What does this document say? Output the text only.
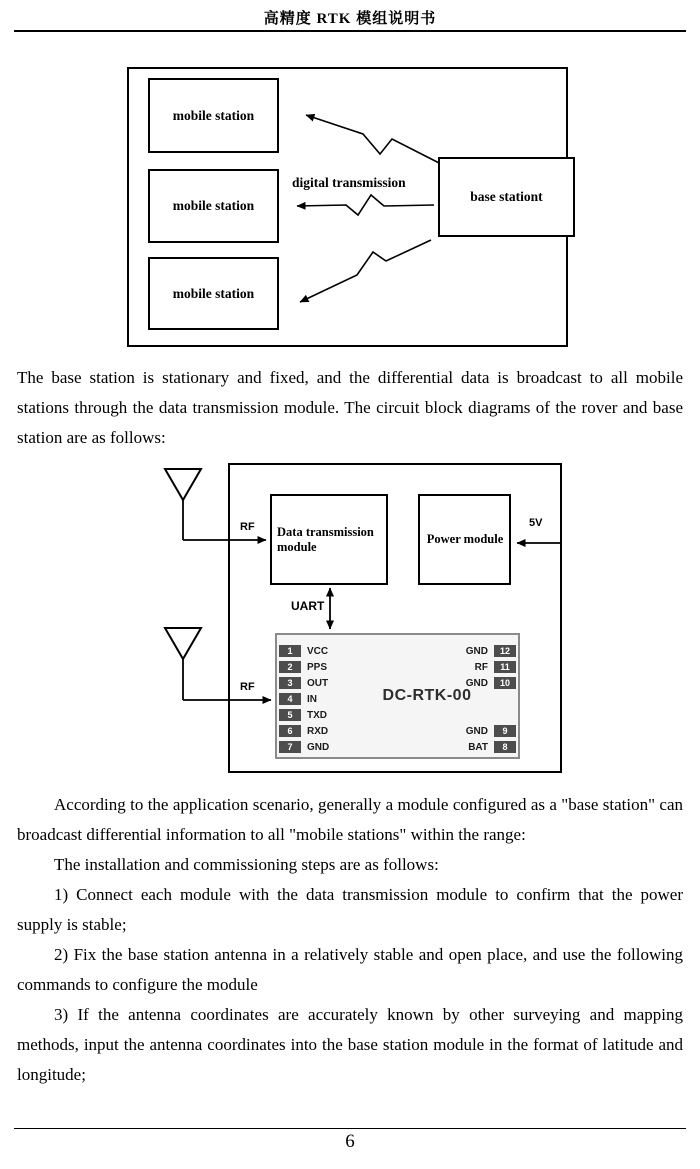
高精度 RTK 模组说明书
mobile station
mobile station
mobile station
base stationt
digital transmission

The base station is stationary and fixed, and the differential data is broadcast to all mobile stations through the data transmission module. The circuit block diagrams of the rover and base station are as follows:

Data transmission module
Power module
RF
RF
5V
UART
DC-RTK-00
1	VCC
2	PPS
3	OUT
4	IN
5	TXD
6	RXD
7	GND
GND	12
RF	11
GND	10
GND	9
BAT	8

According to the application scenario, generally a module configured as a "base station" can broadcast differential information to all "mobile stations" within the range:

The installation and commissioning steps are as follows:

1) Connect each module with the data transmission module to confirm that the power supply is stable;

2) Fix the base station antenna in a relatively stable and open place, and use the following commands to configure the module

3) If the antenna coordinates are accurately known by other surveying and mapping methods, input the antenna coordinates into the base station module in the format of latitude and longitude;

6
